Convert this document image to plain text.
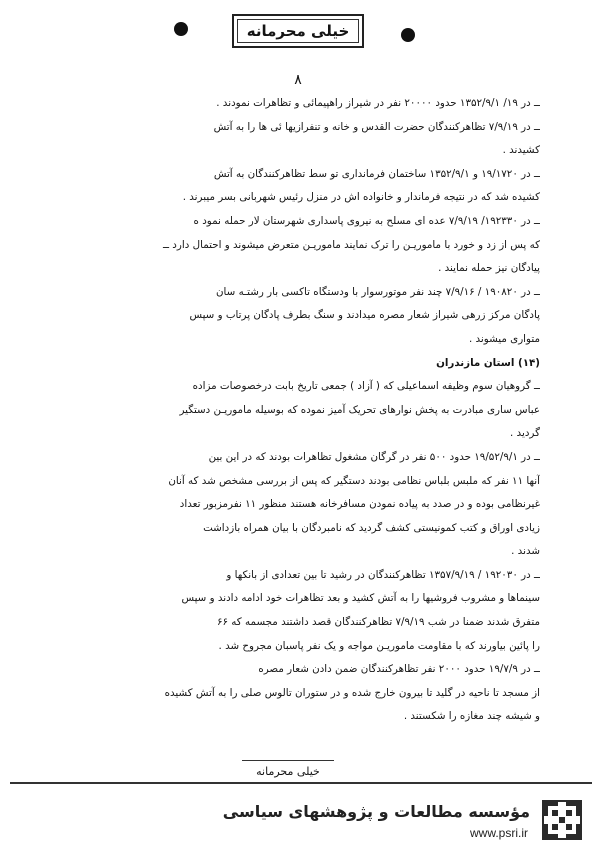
خیلی محرمانه
۸
ــ در ۱۹/ ۱۳۵۲/۹/۱ حدود ۲۰۰۰۰ نفر در شیراز راهپیمائی و تظاهرات نمودند .
ــ در ۷/۹/۱۹ تظاهرکنندگان حضرت القدس و خانه و تنفرازیها ئی ها را به آتش
کشیدند .
ــ در ۱۹/۱۷۲۰ و ۱۳۵۲/۹/۱ ساختمان فرمانداری تو سط تظاهرکنندگان به آتش
کشیده شد که در نتیجه فرماندار و خانواده اش در منزل رئیس شهربانی بسر میبرند .
ــ در ۱۹۲۳۳۰/ ۷/۹/۱۹ عده ای مسلح به نیروی پاسداری شهرستان لار حمله نمود ه
که پس از زد و خورد با ماموریـن را ترک نمایند ماموریـن متعرض میشوند و احتمال دارد ــ
پیادگان نیز حمله نمایند .
ــ در ۱۹۰۸۲۰ / ۷/۹/۱۶ چند نفر موتورسوار با ودستگاه تاکسی بار رشتـه سان
پادگان مرکز زرهی شیراز شعار مصره میدادند و سنگ بطرف پادگان پرتاب و سپس
متواری میشوند .
(۱۴) استان مازندران
ــ گروهیان سوم وظیفه اسماعیلی که ( آزاد ) جمعی تاریخ بابت درخصوصات مزاده
عباس ساری مبادرت به پخش نوارهای تحریک آمیز نموده که بوسیله ماموریـن دستگیر
گردید .
ــ در ۱۹/۵۲/۹/۱ حدود ۵۰۰ نفر در گرگان مشغول تظاهرات بودند که در این بین
آنها ۱۱ نفر که ملبس بلباس نظامی بودند دستگیر که پس از بررسی مشخص شد که آنان
غیرنظامی بوده و در صدد به پیاده نمودن مسافرخانه هستند منظور ۱۱ نفرمزبور تعداد
زیادی اوراق و کتب کمونیستی کشف گردید که نامبردگان با بیان همراه بازداشت
شدند .
ــ در ۱۹۲۰۳۰ / ۱۳۵۷/۹/۱۹ تظاهرکنندگان در رشید تا بین تعدادی از بانکها و
سینماها و مشروب فروشیها را به آتش کشید و بعد تظاهرات خود ادامه دادند و سپس
متفرق شدند ضمنا در شب ۷/۹/۱۹ تظاهرکنندگان قصد داشتند مجسمه که ۶۶
را پائین بیاورند که با مقاومت ماموریـن مواجه و یک نفر پاسبان مجروح شد .
ــ در ۱۹/۷/۹ حدود ۲۰۰۰ نفر تظاهرکنندگان ضمن دادن شعار مصره
از مسجد تا ناحیه در گلید تا بیرون خارج شده و در ستوران تالوس صلی را به آتش کشیده
و شیشه چند مغازه را شکستند .
خیلی محرمانه
مؤسسه مطالعات و پژوهشهای سیاسی
www.psri.ir
